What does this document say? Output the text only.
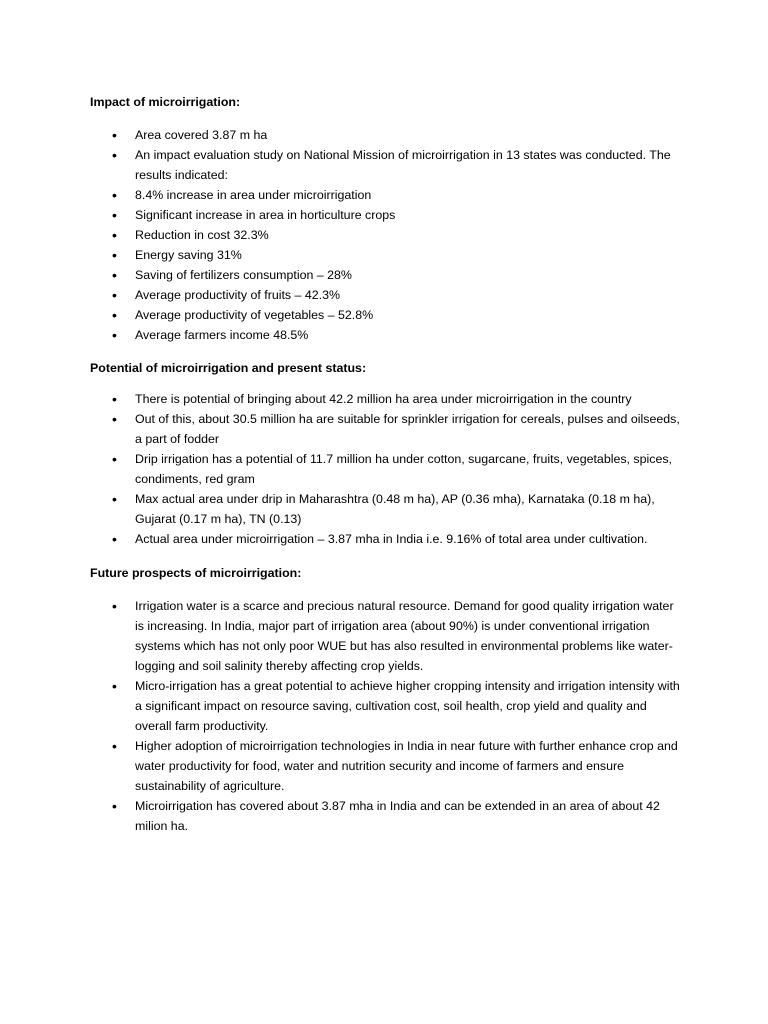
Impact of microirrigation:

• Area covered 3.87 m ha
• An impact evaluation study on National Mission of microirrigation in 13 states was conducted. The results indicated:
• 8.4% increase in area under microirrigation
• Significant increase in area in horticulture crops
• Reduction in cost 32.3%
• Energy saving 31%
• Saving of fertilizers consumption – 28%
• Average productivity of fruits – 42.3%
• Average productivity of vegetables – 52.8%
• Average farmers income 48.5%

Potential of microirrigation and present status:

• There is potential of bringing about 42.2 million ha area under microirrigation in the country
• Out of this, about 30.5 million ha are suitable for sprinkler irrigation for cereals, pulses and oilseeds, a part of fodder
• Drip irrigation has a potential of 11.7 million ha under cotton, sugarcane, fruits, vegetables, spices, condiments, red gram
• Max actual area under drip in Maharashtra (0.48 m ha), AP (0.36 mha), Karnataka (0.18 m ha), Gujarat (0.17 m ha), TN (0.13)
• Actual area under microirrigation – 3.87 mha in India i.e. 9.16% of total area under cultivation.

Future prospects of microirrigation:

• Irrigation water is a scarce and precious natural resource. Demand for good quality irrigation water is increasing. In India, major part of irrigation area (about 90%) is under conventional irrigation systems which has not only poor WUE but has also resulted in environmental problems like water-logging and soil salinity thereby affecting crop yields.
• Micro-irrigation has a great potential to achieve higher cropping intensity and irrigation intensity with a significant impact on resource saving, cultivation cost, soil health, crop yield and quality and overall farm productivity.
• Higher adoption of microirrigation technologies in India in near future with further enhance crop and water productivity for food, water and nutrition security and income of farmers and ensure sustainability of agriculture.
• Microirrigation has covered about 3.87 mha in India and can be extended in an area of about 42 milion ha.
